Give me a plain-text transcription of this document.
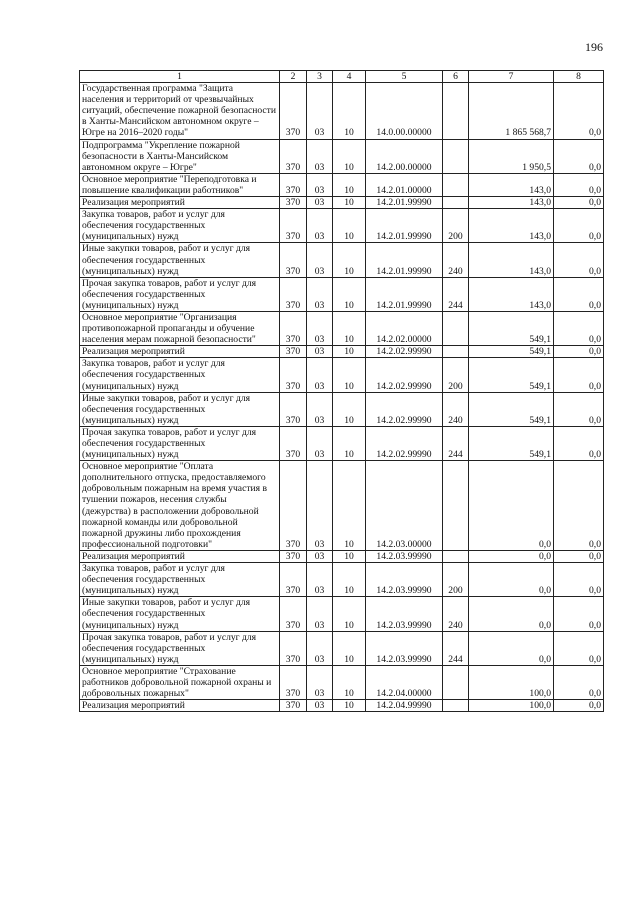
196
1	2	3	4	5	6	7	8
Государственная программа "Защита населения и территорий от чрезвычайных ситуаций, обеспечение пожарной безопасности в Ханты-Мансийском автономном округе – Югре на 2016–2020 годы"	370	03	10	14.0.00.00000		1 865 568,7	0,0
Подпрограмма "Укрепление пожарной безопасности в Ханты-Мансийском автономном округе – Югре"	370	03	10	14.2.00.00000		1 950,5	0,0
Основное мероприятие "Переподготовка и повышение квалификации работников"	370	03	10	14.2.01.00000		143,0	0,0
Реализация мероприятий	370	03	10	14.2.01.99990		143,0	0,0
Закупка товаров, работ и услуг для обеспечения государственных (муниципальных) нужд	370	03	10	14.2.01.99990	200	143,0	0,0
Иные закупки товаров, работ и услуг для обеспечения государственных (муниципальных) нужд	370	03	10	14.2.01.99990	240	143,0	0,0
Прочая закупка товаров, работ и услуг для обеспечения государственных (муниципальных) нужд	370	03	10	14.2.01.99990	244	143,0	0,0
Основное мероприятие "Организация противопожарной пропаганды и обучение населения мерам пожарной безопасности"	370	03	10	14.2.02.00000		549,1	0,0
Реализация мероприятий	370	03	10	14.2.02.99990		549,1	0,0
Закупка товаров, работ и услуг для обеспечения государственных (муниципальных) нужд	370	03	10	14.2.02.99990	200	549,1	0,0
Иные закупки товаров, работ и услуг для обеспечения государственных (муниципальных) нужд	370	03	10	14.2.02.99990	240	549,1	0,0
Прочая закупка товаров, работ и услуг для обеспечения государственных (муниципальных) нужд	370	03	10	14.2.02.99990	244	549,1	0,0
Основное мероприятие "Оплата дополнительного отпуска, предоставляемого добровольным пожарным на время участия в тушении пожаров, несения службы (дежурства) в расположении добровольной пожарной команды или добровольной пожарной дружины либо прохождения профессиональной подготовки"	370	03	10	14.2.03.00000		0,0	0,0
Реализация мероприятий	370	03	10	14.2.03.99990		0,0	0,0
Закупка товаров, работ и услуг для обеспечения государственных (муниципальных) нужд	370	03	10	14.2.03.99990	200	0,0	0,0
Иные закупки товаров, работ и услуг для обеспечения государственных (муниципальных) нужд	370	03	10	14.2.03.99990	240	0,0	0,0
Прочая закупка товаров, работ и услуг для обеспечения государственных (муниципальных) нужд	370	03	10	14.2.03.99990	244	0,0	0,0
Основное мероприятие "Страхование работников добровольной пожарной охраны и добровольных пожарных"	370	03	10	14.2.04.00000		100,0	0,0
Реализация мероприятий	370	03	10	14.2.04.99990		100,0	0,0
